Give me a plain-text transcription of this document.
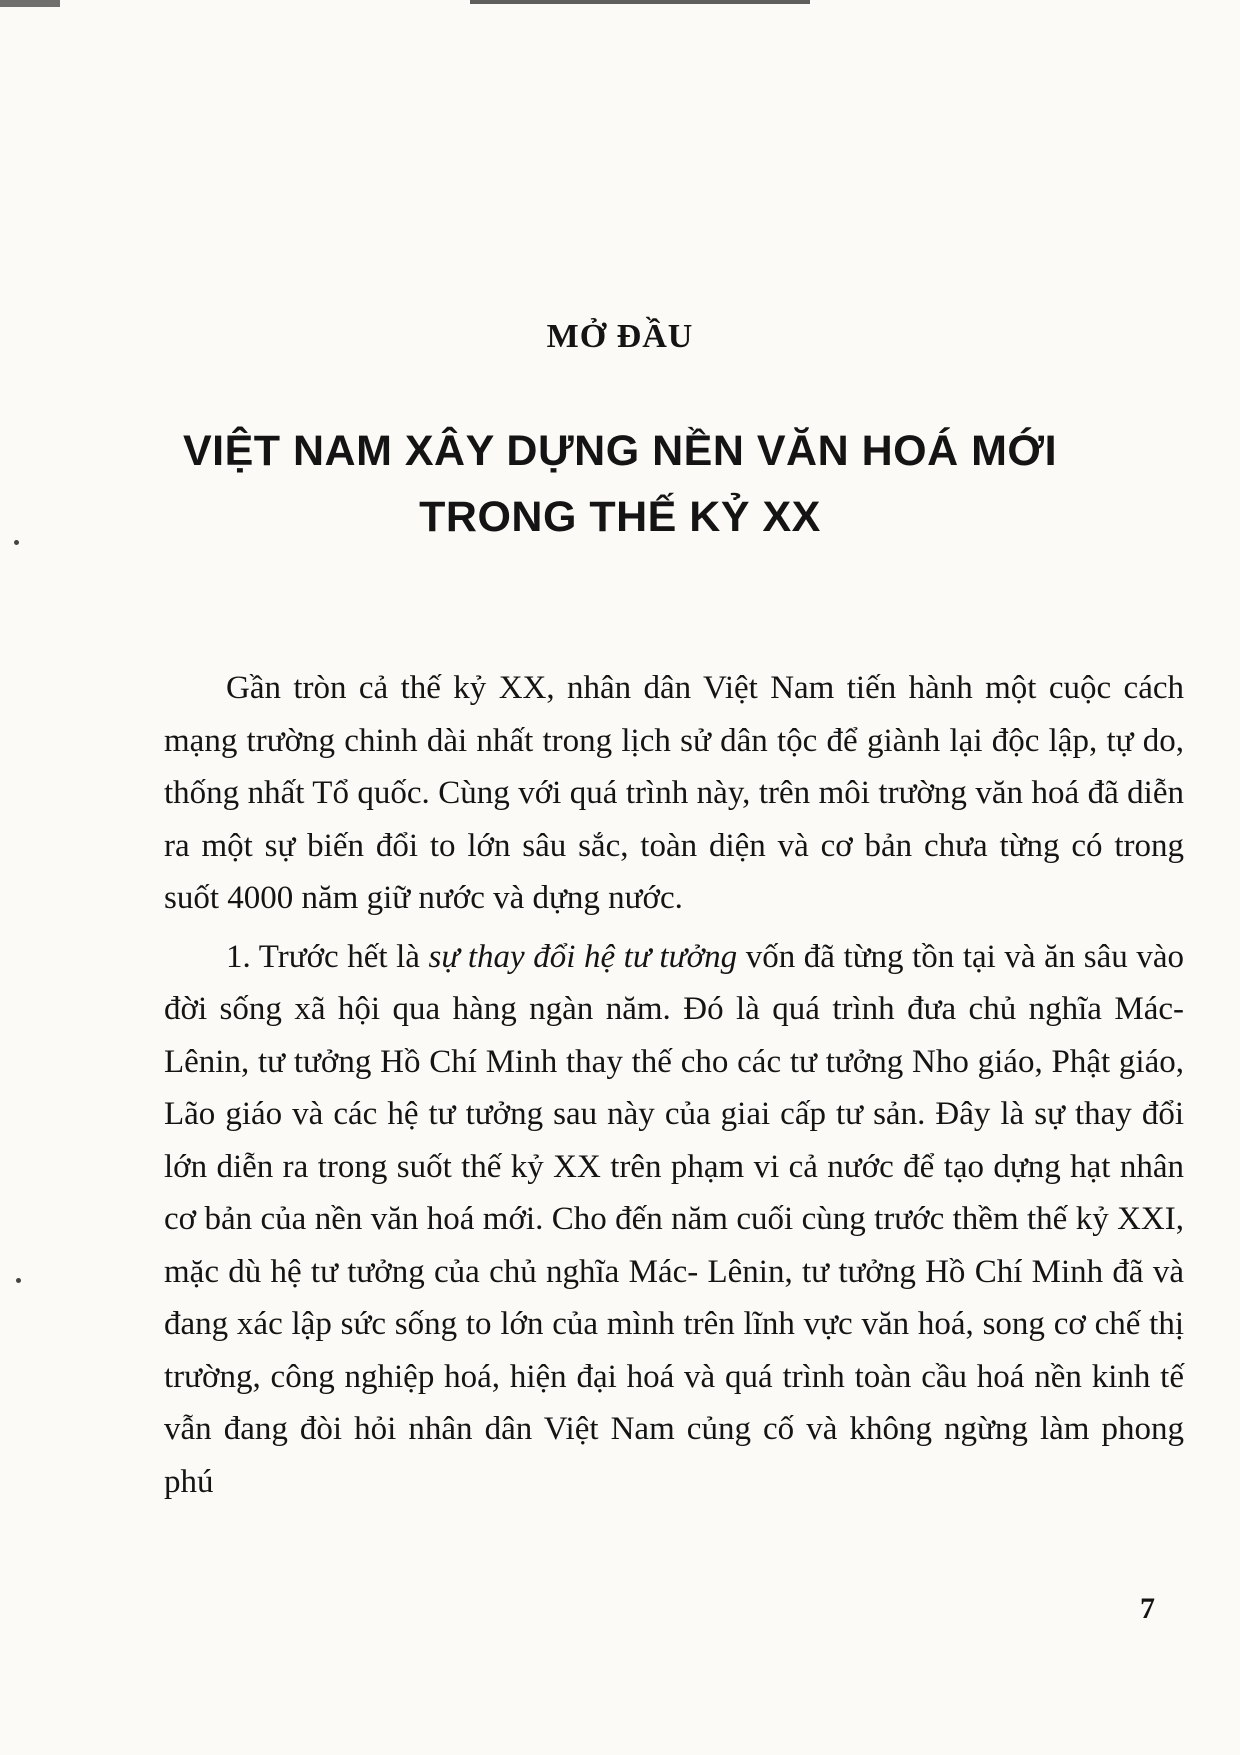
MỞ ĐẦU
VIỆT NAM XÂY DỰNG NỀN VĂN HOÁ MỚI
TRONG THẾ KỶ XX

Gần tròn cả thế kỷ XX, nhân dân Việt Nam tiến hành một cuộc cách mạng trường chinh dài nhất trong lịch sử dân tộc để giành lại độc lập, tự do, thống nhất Tổ quốc. Cùng với quá trình này, trên môi trường văn hoá đã diễn ra một sự biến đổi to lớn sâu sắc, toàn diện và cơ bản chưa từng có trong suốt 4000 năm giữ nước và dựng nước.

1. Trước hết là sự thay đổi hệ tư tưởng vốn đã từng tồn tại và ăn sâu vào đời sống xã hội qua hàng ngàn năm. Đó là quá trình đưa chủ nghĩa Mác- Lênin, tư tưởng Hồ Chí Minh thay thế cho các tư tưởng Nho giáo, Phật giáo, Lão giáo và các hệ tư tưởng sau này của giai cấp tư sản. Đây là sự thay đổi lớn diễn ra trong suốt thế kỷ XX trên phạm vi cả nước để tạo dựng hạt nhân cơ bản của nền văn hoá mới. Cho đến năm cuối cùng trước thềm thế kỷ XXI, mặc dù hệ tư tưởng của chủ nghĩa Mác- Lênin, tư tưởng Hồ Chí Minh đã và đang xác lập sức sống to lớn của mình trên lĩnh vực văn hoá, song cơ chế thị trường, công nghiệp hoá, hiện đại hoá và quá trình toàn cầu hoá nền kinh tế vẫn đang đòi hỏi nhân dân Việt Nam củng cố và không ngừng làm phong phú

7
